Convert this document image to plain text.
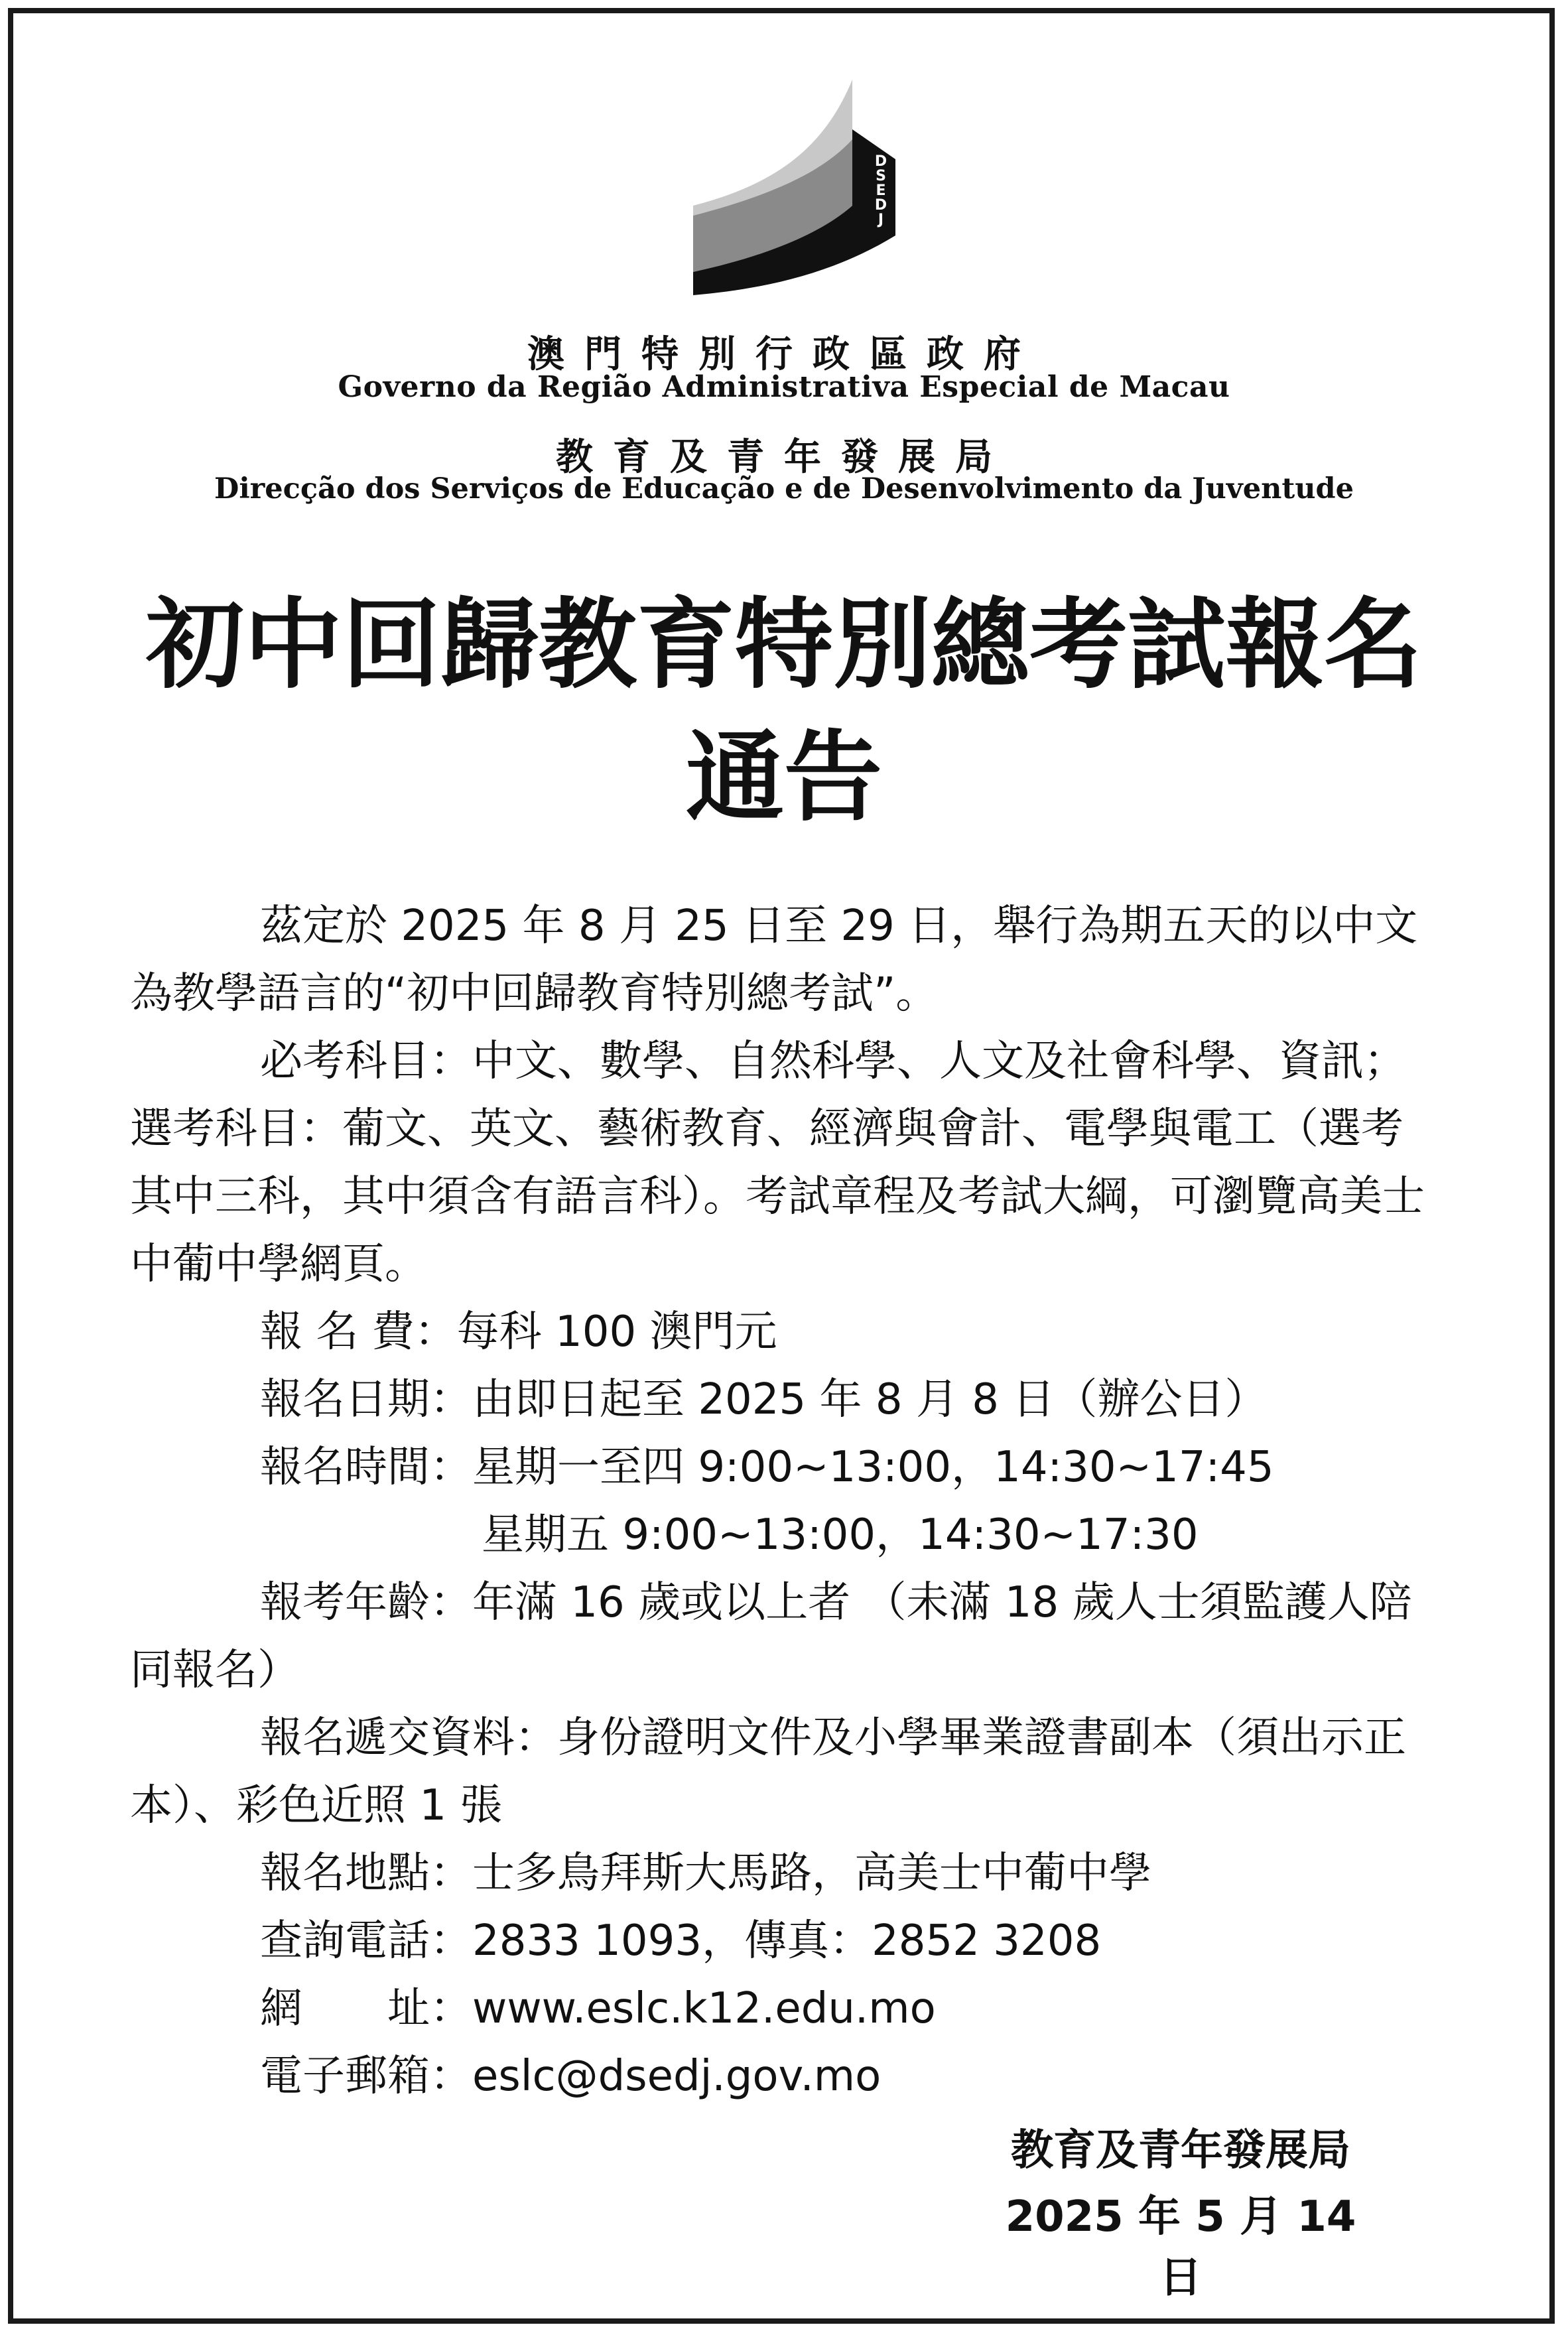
D
S
E
D
J
澳門特別行政區政府
Governo da Região Administrativa Especial de Macau
教育及青年發展局
Direcção dos Serviços de Educação e de Desenvolvimento da Juventude
初中回歸教育特別總考試報名
通告

茲定於 2025 年 8 月 25 日至 29 日，舉行為期五天的以中文為教學語言的“初中回歸教育特別總考試”。

必考科目：中文、數學、自然科學、人文及社會科學、資訊；選考科目：葡文、英文、藝術教育、經濟與會計、電學與電工（選考其中三科，其中須含有語言科）。考試章程及考試大綱，可瀏覽高美士中葡中學網頁。

報 名 費：每科 100 澳門元

報名日期：由即日起至 2025 年 8 月 8 日（辦公日）

報名時間：星期一至四 9:00~13:00，14:30~17:45

星期五 9:00~13:00，14:30~17:30

報考年齡：年滿 16 歲或以上者 （未滿 18 歲人士須監護人陪同報名）

報名遞交資料：身份證明文件及小學畢業證書副本（須出示正本）、彩色近照 1 張

報名地點：士多鳥拜斯大馬路，高美士中葡中學

查詢電話：2833 1093，傳真：2852 3208

網　　址：www.eslc.k12.edu.mo

電子郵箱：eslc@dsedj.gov.mo

教育及青年發展局
2025 年 5 月 14 日
